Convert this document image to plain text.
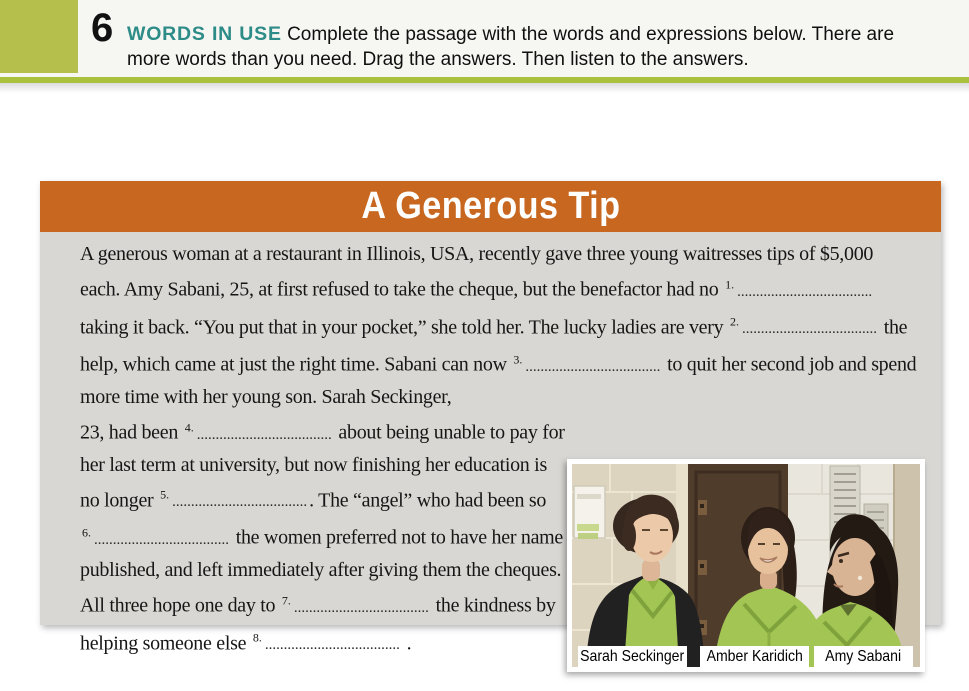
6 WORDS IN USE Complete the passage with the words and expressions below. There are more words than you need. Drag the answers. Then listen to the answers.
A Generous Tip
A generous woman at a restaurant in Illinois, USA, recently gave three young waitresses tips of $5,000 each. Amy Sabani, 25, at first refused to take the cheque, but the benefactor had no $^{1.}$ .................................... taking it back. “You put that in your pocket,” she told her. The lucky ladies are very $^{2.}$ .................................... the help, which came at just the right time. Sabani can now $^{3.}$ .................................... to quit her second job and spend more time with her young son. Sarah Seckinger,
23, had been $^{4.}$ .................................... about being unable to pay for her last term at university, but now finishing her education is no longer $^{5.}$ .................................... . The “angel” who had been so $^{6.}$ .................................... the women preferred not to have her name published, and left immediately after giving them the cheques. All three hope one day to $^{7.}$ .................................... the kindness by helping someone else $^{8.}$ .................................... .
Sarah Seckinger Amber Karidich Amy Sabani
